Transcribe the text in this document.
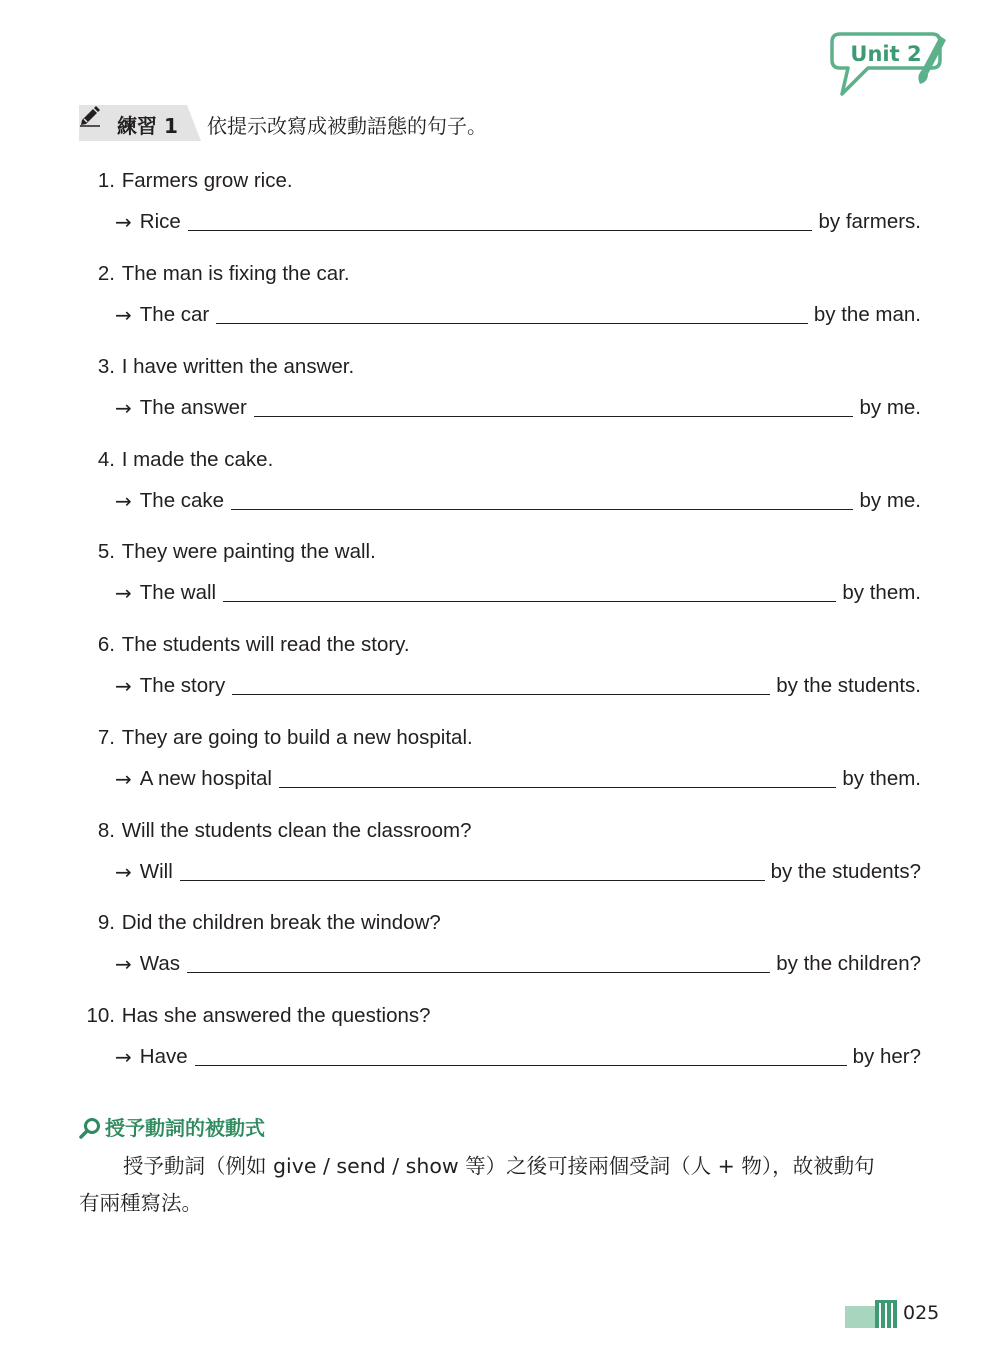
Unit 2
練習 1 依提示改寫成被動語態的句子。
1. Farmers grow rice.
→ Rice	by farmers.
2. The man is fixing the car.
→ The car	by the man.
3. I have written the answer.
→ The answer	by me.
4. I made the cake.
→ The cake	by me.
5. They were painting the wall.
→ The wall	by them.
6. The students will read the story.
→ The story	by the students.
7. They are going to build a new hospital.
→ A new hospital	by them.
8. Will the students clean the classroom?
→ Will	by the students?
9. Did the children break the window?
→ Was	by the children?
10. Has she answered the questions?
→ Have	by her?
授予動詞的被動式
授予動詞（例如 give / send / show 等）之後可接兩個受詞（人 + 物），故被動句
有兩種寫法。
025
